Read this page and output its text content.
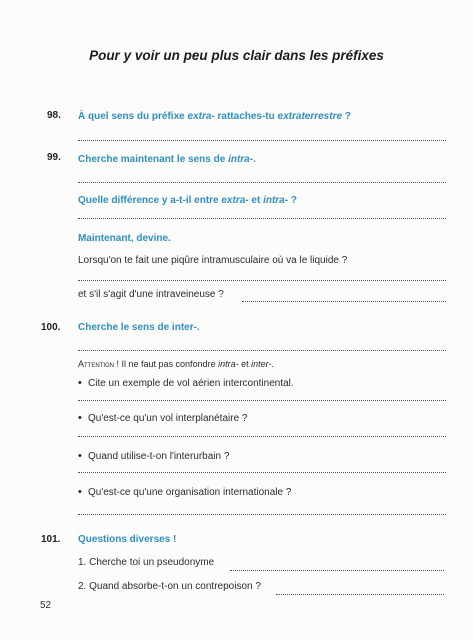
Pour y voir un peu plus clair dans les préfixes
98. À quel sens du préfixe extra- rattaches-tu extraterrestre ?
99. Cherche maintenant le sens de intra-.
Quelle différence y a-t-il entre extra- et intra- ?
Maintenant, devine.
Lorsqu'on te fait une piqûre intramusculaire où va le liquide ?
et s'il s'agit d'une intraveineuse ?
100. Cherche le sens de inter-.
Attention ! Il ne faut pas confondre intra- et inter-.
• Cite un exemple de vol aérien intercontinental.
• Qu'est-ce qu'un vol interplanétaire ?
• Quand utilise-t-on l'interurbain ?
• Qu'est-ce qu'une organisation internationale ?
101. Questions diverses !
1. Cherche toi un pseudonyme
2. Quand absorbe-t-on un contrepoison ?
52
